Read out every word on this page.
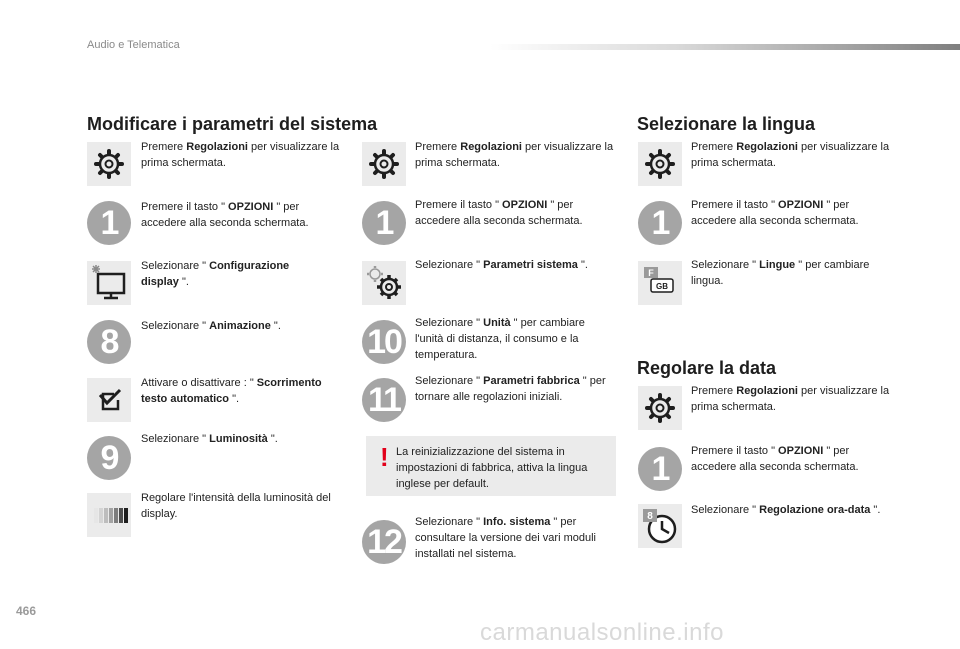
Audio e Telematica
Modificare i parametri del sistema
Premere Regolazioni per visualizzare la prima schermata.
1	Premere il tasto " OPZIONI " per accedere alla seconda schermata.
Selezionare " Configurazione display ".
8	Selezionare " Animazione ".
Attivare o disattivare : " Scorrimento testo automatico ".
9	Selezionare " Luminosità ".
Regolare l'intensità della luminosità del display.
Premere Regolazioni per visualizzare la prima schermata.
1	Premere il tasto " OPZIONI " per accedere alla seconda schermata.
Selezionare " Parametri sistema ".
10	Selezionare " Unità " per cambiare l'unità di distanza, il consumo e la temperatura.
11	Selezionare " Parametri fabbrica " per tornare alle regolazioni iniziali.
! La reinizializzazione del sistema in impostazioni di fabbrica, attiva la lingua inglese per default.
12
Selezionare " Info. sistema " per consultare la versione dei vari moduli installati nel sistema.
Selezionare la lingua
Premere Regolazioni per visualizzare la prima schermata.
1	Premere il tasto " OPZIONI " per accedere alla seconda schermata.
F
GB
Selezionare " Lingue " per cambiare lingua.
Regolare la data
Premere Regolazioni per visualizzare la prima schermata.
1	Premere il tasto " OPZIONI " per accedere alla seconda schermata.
8
Selezionare " Regolazione ora-data ".
466
carmanualsonline.info
